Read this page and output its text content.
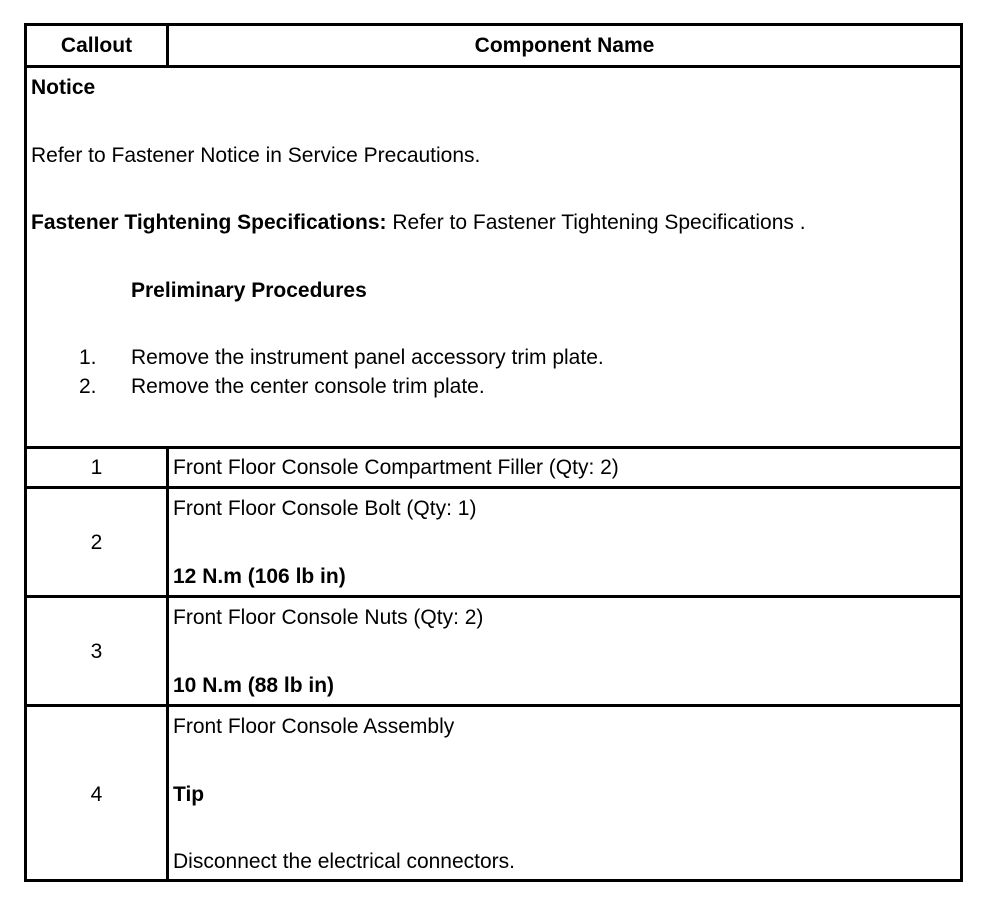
Callout	Component Name
Notice
Refer to Fastener Notice in Service Precautions.
Fastener Tightening Specifications: Refer to Fastener Tightening Specifications .
Preliminary Procedures
1. Remove the instrument panel accessory trim plate.
2. Remove the center console trim plate.
1	Front Floor Console Compartment Filler (Qty: 2)
2
Front Floor Console Bolt (Qty: 1)
12 N.m (106 lb in)
3
Front Floor Console Nuts (Qty: 2)
10 N.m (88 lb in)
4
Front Floor Console Assembly
Tip
Disconnect the electrical connectors.
